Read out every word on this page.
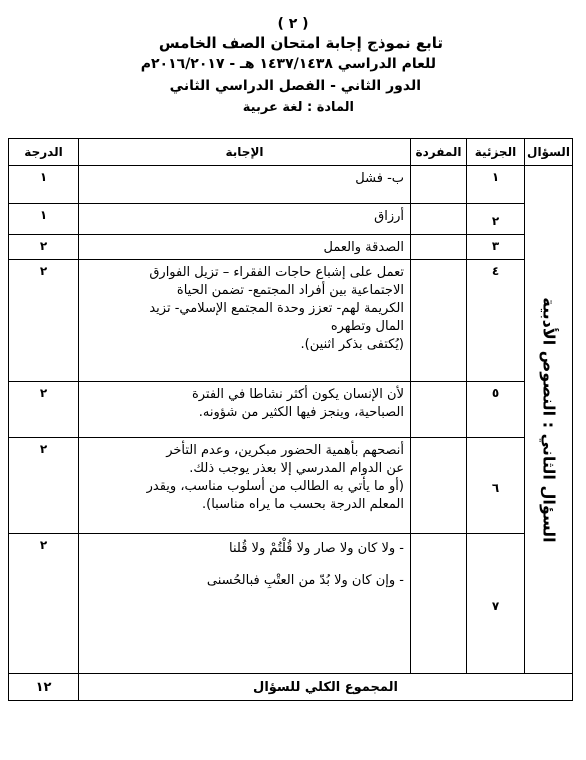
( ٢ )
تابع نموذج إجابة امتحان الصف الخامس
للعام الدراسي ١٤٣٧/١٤٣٨ هـ - ٢٠١٦/٢٠١٧م
الدور الثاني - الفصل الدراسي الثاني
المادة : لغة عربية
السؤال	الجزئية	المفردة	الإجابة	الدرجة

السؤال الثاني : النصوص الأدبية	١		ب- فشل	١
	٢		أرزاق	١
	٣		الصدقة والعمل	٢
	٤		تعمل على إشباع حاجات الفقراء – تزيل الفوارق
الاجتماعية بين أفراد المجتمع- تضمن الحياة
الكريمة لهم- تعزز وحدة المجتمع الإسلامي- تزيد
المال وتطهره
(يُكتفى بذكر اثنين).	٢
	٥		لأن الإنسان يكون أكثر نشاطا في الفترة
الصباحية، وينجز فيها الكثير من شؤونه.	٢
	٦		أنصحهم بأهمية الحضور مبكرين، وعدم التأخر
عن الدوام المدرسي إلا بعذر يوجب ذلك.
(أو ما يأتي به الطالب من أسلوب مناسب، ويقدر
المعلم الدرجة بحسب ما يراه مناسبا).	٢
	٧		- ولا كان ولا صار ولا قُلْتُمْ ولا قُلنا
- وإن كان ولا بُدّ من العتْبِ فبالحُسنى	٢
المجموع الكلي للسؤال				١٢
